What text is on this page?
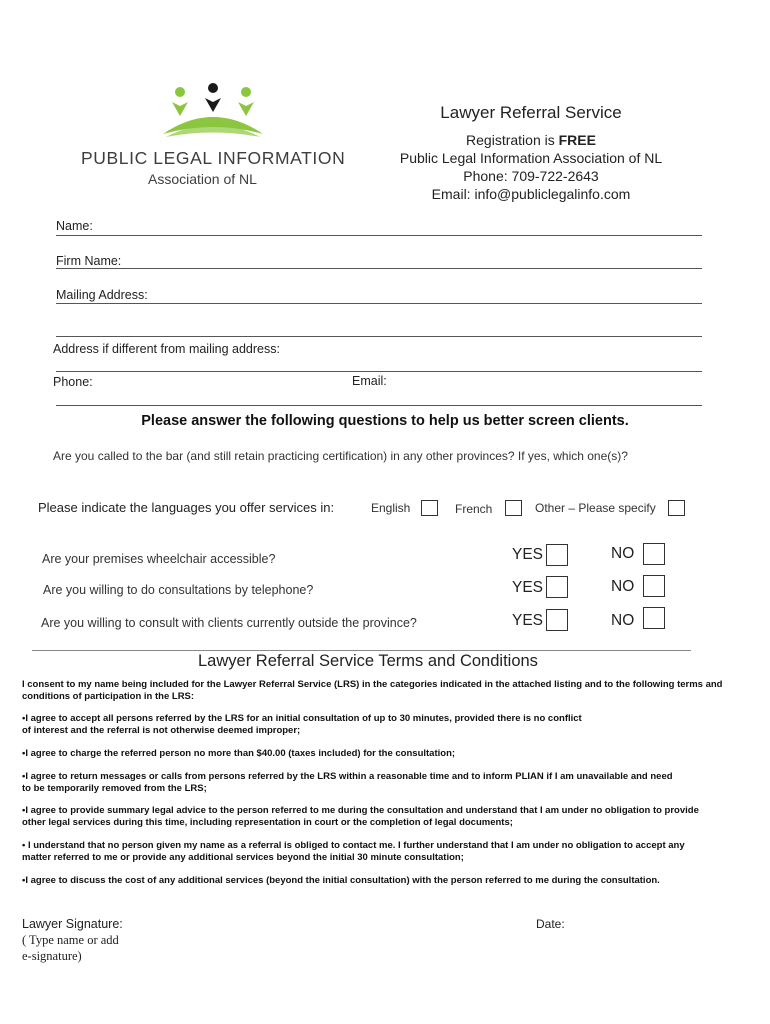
PUBLIC LEGAL INFORMATION
Association of NL
Lawyer Referral Service
Registration is FREE
Public Legal Information Association of NL
Phone: 709-722-2643
Email: info@publiclegalinfo.com
Name:
Firm Name:
Mailing Address:
Address if different from mailing address:
Phone:	Email:
Please answer the following questions to help us better screen clients.
Are you called to the bar (and still retain practicing certification) in any other provinces? If yes, which one(s)?
Please indicate the languages you offer services in:	English	French	Other – Please specify
Are your premises wheelchair accessible?	YES	NO
Are you willing to do consultations by telephone?	YES	NO
Are you willing to consult with clients currently outside the province?	YES	NO
Lawyer Referral Service Terms and Conditions
I consent to my name being included for the Lawyer Referral Service (LRS) in the categories indicated in the attached listing and to the following terms and
conditions of participation in the LRS:
•I agree to accept all persons referred by the LRS for an initial consultation of up to 30 minutes, provided there is no conflict
of interest and the referral is not otherwise deemed improper;
•I agree to charge the referred person no more than $40.00 (taxes included) for the consultation;
•I agree to return messages or calls from persons referred by the LRS within a reasonable time and to inform PLIAN if I am unavailable and need
to be temporarily removed from the LRS;
•I agree to provide summary legal advice to the person referred to me during the consultation and understand that I am under no obligation to provide
other legal services during this time, including representation in court or the completion of legal documents;
• I understand that no person given my name as a referral is obliged to contact me. I further understand that I am under no obligation to accept any
matter referred to me or provide any additional services beyond the initial 30 minute consultation;
•I agree to discuss the cost of any additional services (beyond the initial consultation) with the person referred to me during the consultation.
Lawyer Signature:
( Type name or add
e-signature)
Date:
